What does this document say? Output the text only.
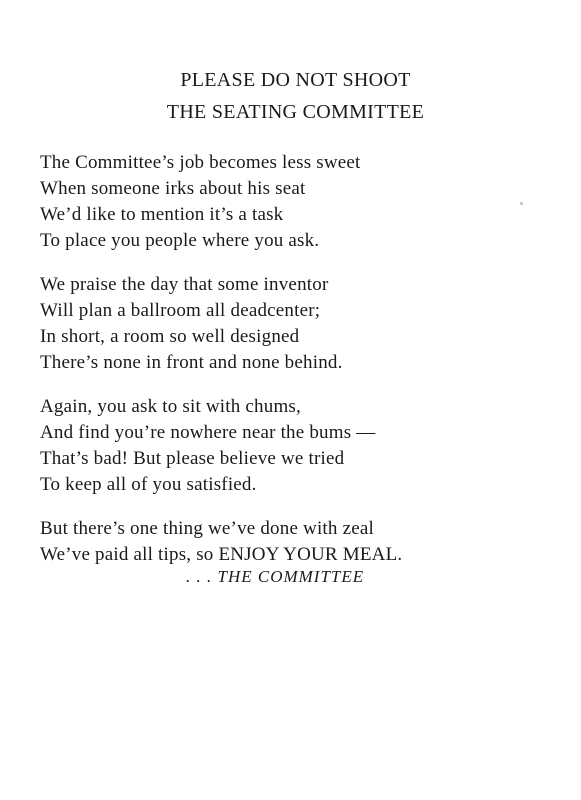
PLEASE DO NOT SHOOT
THE SEATING COMMITTEE
The Committee’s job becomes less sweet
When someone irks about his seat
We’d like to mention it’s a task
To place you people where you ask.
We praise the day that some inventor
Will plan a ballroom all deadcenter;
In short, a room so well designed
There’s none in front and none behind.
Again, you ask to sit with chums,
And find you’re nowhere near the bums —
That’s bad! But please believe we tried
To keep all of you satisfied.
But there’s one thing we’ve done with zeal
We’ve paid all tips, so ENJOY YOUR MEAL.
. . . THE COMMITTEE
